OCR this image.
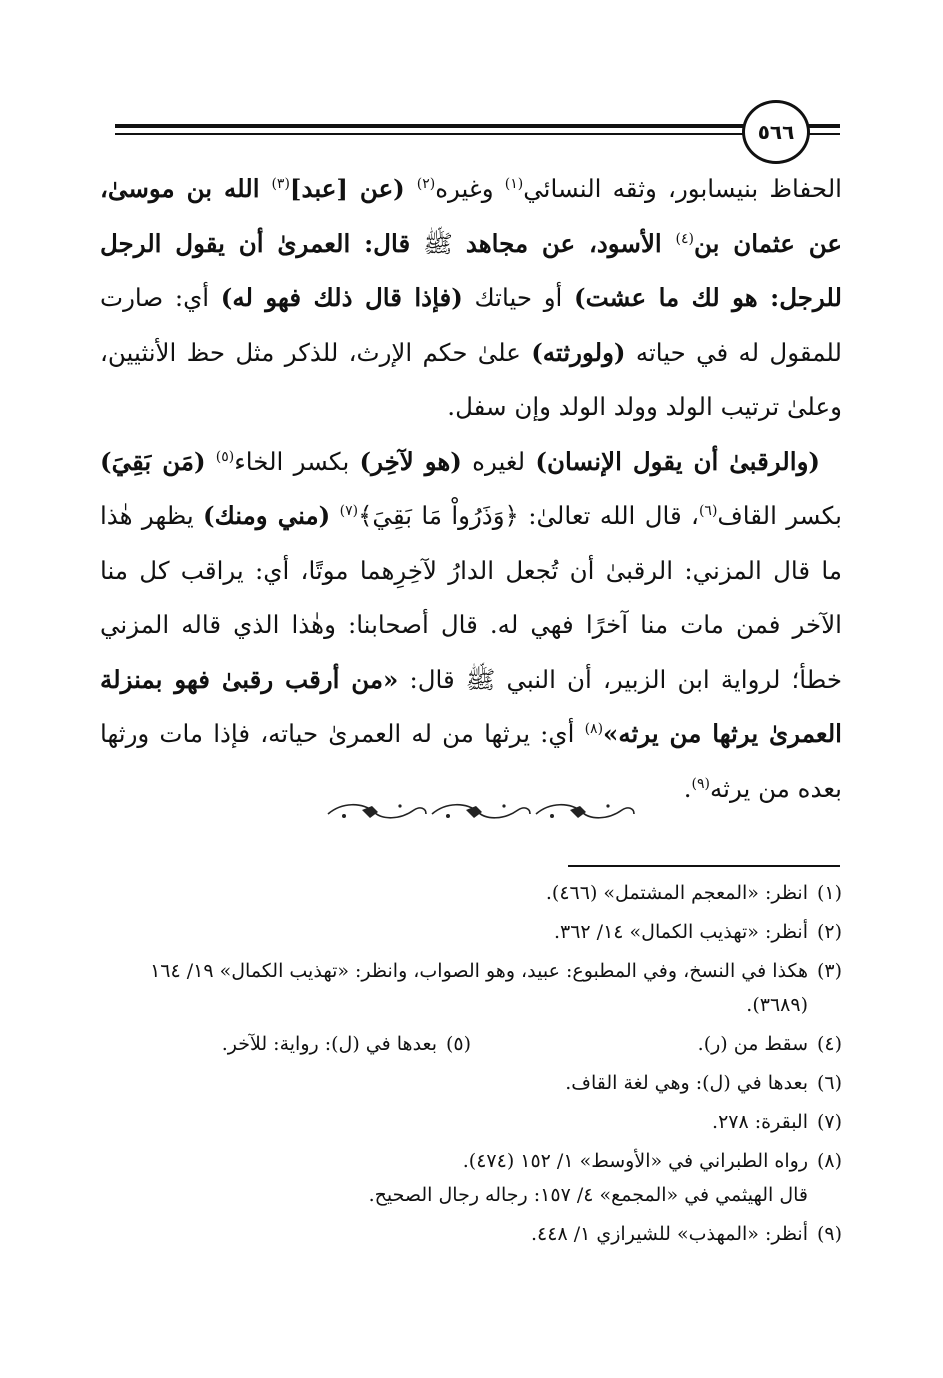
٥٦٦

الحفاظ بنيسابور، وثقه النسائي$^{(١)}$ وغيره$^{(٢)}$ (عن [عبد]$^{(٣)}$ الله بن موسىٰ، عن عثمان بن$^{(٤)}$ الأسود، عن مجاهد ﷺ قال: العمرىٰ أن يقول الرجل للرجل: هو لك ما عشت) أو حياتك (فإذا قال ذلك فهو له) أي: صارت للمقول له في حياته (ولورثته) علىٰ حكم الإرث، للذكر مثل حظ الأنثيين، وعلىٰ ترتيب الولد وولد الولد وإن سفل.

(والرقبىٰ أن يقول الإنسان) لغيره (هو لآخِر) بكسر الخاء$^{(٥)}$ (مَن بَقِيَ) بكسر القاف$^{(٦)}$، قال الله تعالىٰ: ﴿وَذَرُواْ مَا بَقِيَ﴾$^{(٧)}$ (مني ومنك) يظهر هٰذا ما قال المزني: الرقبىٰ أن تُجعل الدارُ لآخِرِهما موتًا، أي: يراقب كل منا الآخر فمن مات منا آخرًا فهي له. قال أصحابنا: وهٰذا الذي قاله المزني خطأ؛ لرواية ابن الزبير، أن النبي ﷺ قال: «من أرقب رقبىٰ فهو بمنزلة العمرىٰ يرثها من يرثه»$^{(٨)}$ أي: يرثها من له العمرىٰ حياته، فإذا مات ورثها بعده من يرثه$^{(٩)}$.

(١)
انظر: «المعجم المشتمل» (٤٦٦).
(٢)
أنظر: «تهذيب الكمال» ١٤/ ٣٦٢.
(٣)
هكذا في النسخ، وفي المطبوع: عبيد، وهو الصواب، وانظر: «تهذيب الكمال» ١٩/ ١٦٤ (٣٦٨٩).
(٤)
سقط من (ر).
(٥)
بعدها في (ل): رواية: للآخر.
(٦)
بعدها في (ل): وهي لغة القاف.
(٧)
البقرة: ٢٧٨.
(٨)
رواه الطبراني في «الأوسط» ١/ ١٥٢ (٤٧٤).
قال الهيثمي في «المجمع» ٤/ ١٥٧: رجاله رجال الصحيح.
(٩)
أنظر: «المهذب» للشيرازي ١/ ٤٤٨.
